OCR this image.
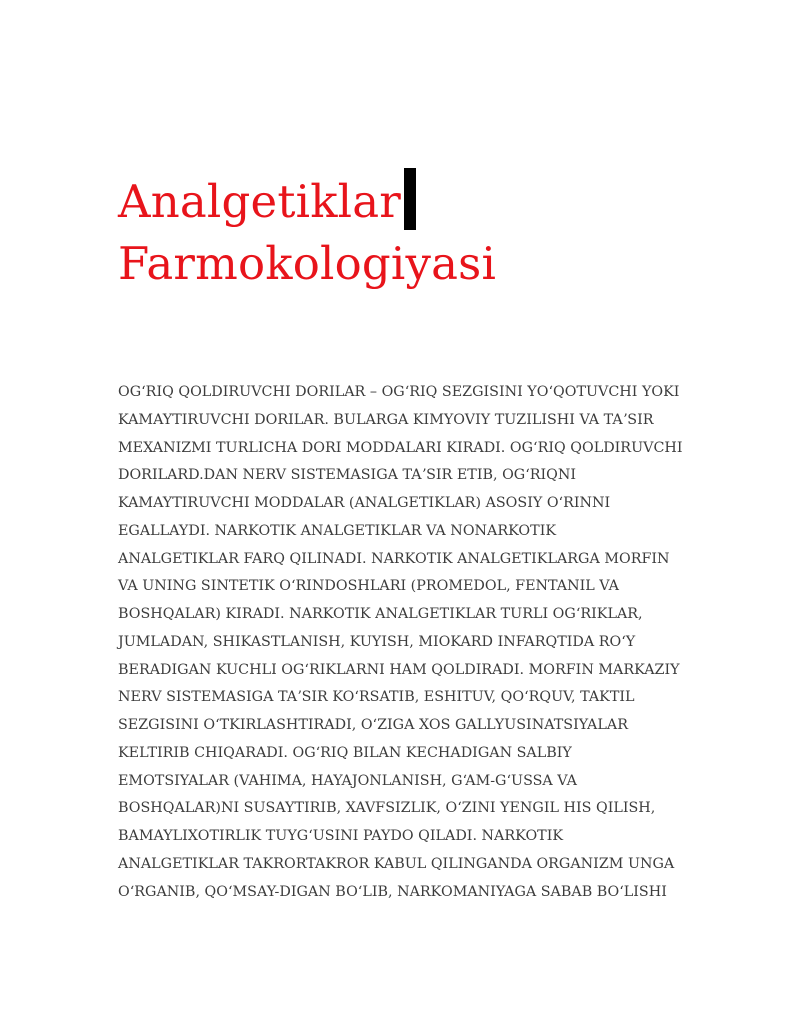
Analgetiklar
Farmokologiyasi
OGʻRIQ QOLDIRUVCHI DORILAR – OGʻRIQ SEZGISINI YOʻQOTUVCHI YOKI
KAMAYTIRUVCHI DORILAR. BULARGA KIMYOVIY TUZILISHI VA TAʼSIR
MEXANIZMI TURLICHA DORI MODDALARI KIRADI. OGʻRIQ QOLDIRUVCHI
DORILARD.DAN NERV SISTEMASIGA TAʼSIR ETIB, OGʻRIQNI
KAMAYTIRUVCHI MODDALAR (ANALGETIKLAR) ASOSIY OʻRINNI
EGALLAYDI. NARKOTIK ANALGETIKLAR VA NONARKOTIK
ANALGETIKLAR FARQ QILINADI. NARKOTIK ANALGETIKLARGA MORFIN
VA UNING SINTETIK OʻRINDOSHLARI (PROMEDOL, FENTANIL VA
BOSHQALAR) KIRADI. NARKOTIK ANALGETIKLAR TURLI OGʻRIKLAR,
JUMLADAN, SHIKASTLANISH, KUYISH, MIOKARD INFARQTIDA ROʻY
BERADIGAN KUCHLI OGʻRIKLARNI HAM QOLDIRADI. MORFIN MARKAZIY
NERV SISTEMASIGA TAʼSIR KOʻRSATIB, ESHITUV, QOʻRQUV, TAKTIL
SEZGISINI OʻTKIRLASHTIRADI, OʻZIGA XOS GALLYUSINATSIYALAR
KELTIRIB CHIQARADI. OGʻRIQ BILAN KECHADIGAN SALBIY
EMOTSIYALAR (VAHIMA, HAYAJONLANISH, GʻAM-GʻUSSA VA
BOSHQALAR)NI SUSAYTIRIB, XAVFSIZLIK, OʻZINI YENGIL HIS QILISH,
BAMAYLIXOTIRLIK TUYGʻUSINI PAYDO QILADI. NARKOTIK
ANALGETIKLAR TAKRORTAKROR KABUL QILINGANDA ORGANIZM UNGA
OʻRGANIB, QOʻMSAY-DIGAN BOʻLIB, NARKOMANIYAGA SABAB BOʻLISHI
